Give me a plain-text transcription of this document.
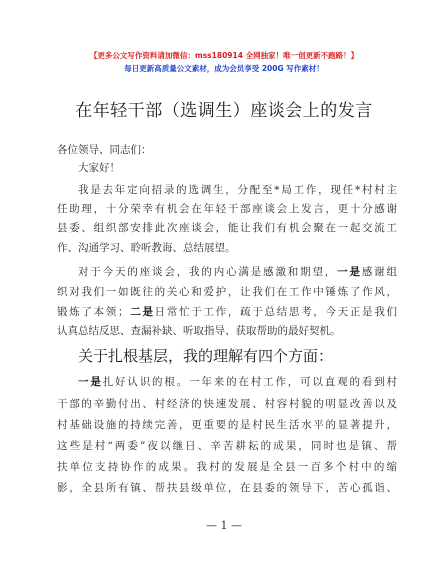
【更多公文写作资料请加微信：mss180914 全网独家！唯一创更新不跑路！】
每日更新高质量公文素材，成为会员享受 200G 写作素材！
在年轻干部（选调生）座谈会上的发言
各位领导、同志们：
大家好！
我是去年定向招录的选调生，分配至*局工作，现任*村村主
任助理，十分荣幸有机会在年轻干部座谈会上发言，更十分感谢
县委、组织部安排此次座谈会，能让我们有机会聚在一起交流工
作、沟通学习、聆听教诲、总结展望。
对于今天的座谈会，我的内心满是感激和期望，一是感谢组
织对我们一如既往的关心和爱护，让我们在工作中锤炼了作风，
锻炼了本领；二是日常忙于工作，疏于总结思考，今天正是我们
认真总结反思、查漏补缺、听取指导、获取帮助的最好契机。
关于扎根基层，我的理解有四个方面：
一是扎好认识的根。一年来的在村工作，可以直观的看到村
干部的辛勤付出、村经济的快速发展、村容村貌的明显改善以及
村基础设施的持续完善，更重要的是村民生活水平的显著提升，
这些是村“两委”夜以继日、辛苦耕耘的成果，同时也是镇、帮
扶单位支持协作的成果。我村的发展是全县一百多个村中的缩
影，全县所有镇、帮扶县级单位，在县委的领导下，苦心孤诣、
— 1 —
